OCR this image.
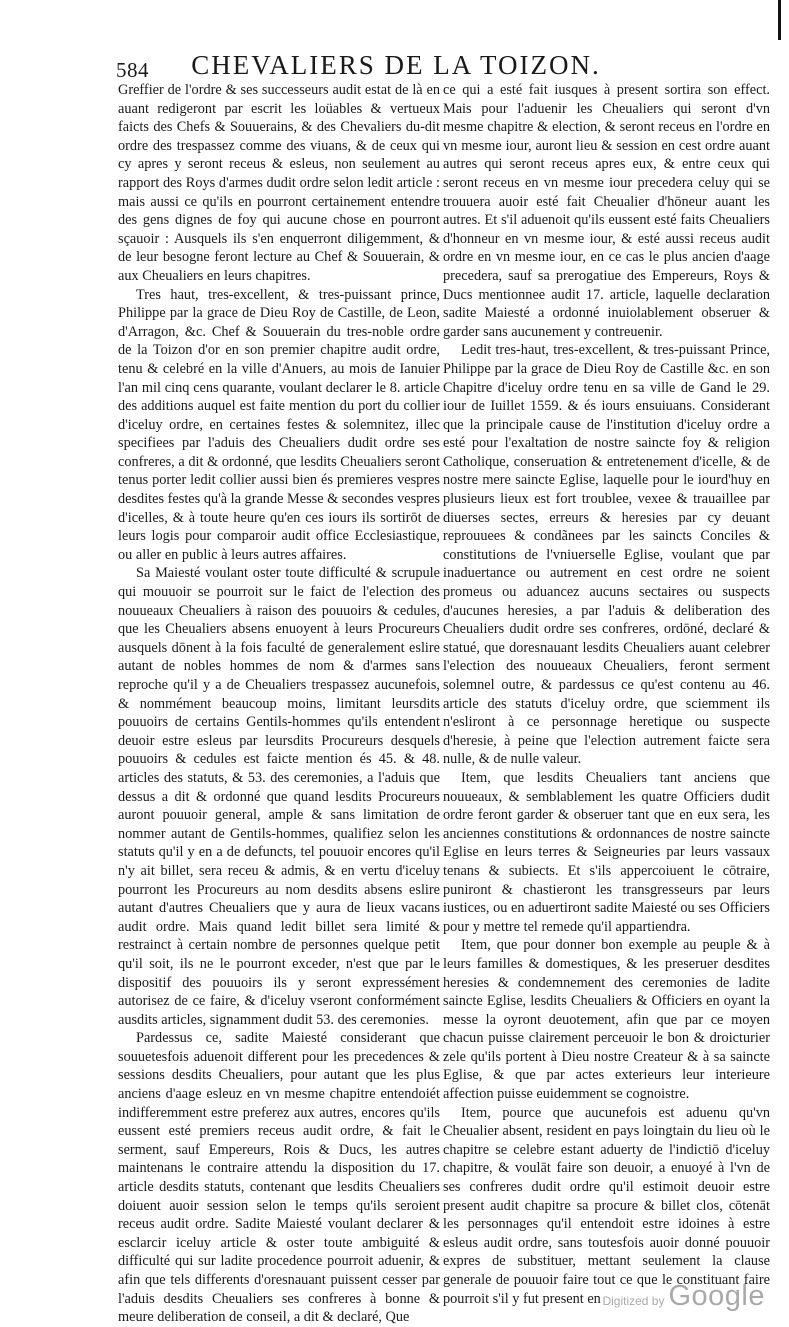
584 CHEVALIERS DE LA TOIZON.

Greffier de l'ordre & ses successeurs audit estat de là en auant redigeront par escrit les loüables & vertueux faicts des Chefs & Souuerains, & des Chevaliers du-dit ordre des trespassez comme des viuans, & de ceux qui cy apres y seront receus & esleus, non seulement au rapport des Roys d'armes dudit ordre selon ledit article : mais aussi ce qu'ils en pourront certainement entendre des gens dignes de foy qui aucune chose en pourront sçauoir : Ausquels ils s'en enquerront diligemment, & de leur besogne feront lecture au Chef & Souuerain, & aux Cheualiers en leurs chapitres.

Tres haut, tres-excellent, & tres-puissant prince, Philippe par la grace de Dieu Roy de Castille, de Leon, d'Arragon, &c. Chef & Souuerain du tres-noble ordre de la Toizon d'or en son premier chapitre audit ordre, tenu & celebré en la ville d'Anuers, au mois de Ianuier l'an mil cinq cens quarante, voulant declarer le 8. article des additions auquel est faite mention du port du collier d'iceluy ordre, en certaines festes & solemnitez, illec specifiees par l'aduis des Cheualiers dudit ordre ses confreres, a dit & ordonné, que lesdits Cheualiers seront tenus porter ledit collier aussi bien és premieres vespres desdites festes qu'à la grande Messe & secondes vespres d'icelles, & à toute heure qu'en ces iours ils sortirōt de leurs logis pour comparoir audit office Ecclesiastique, ou aller en public à leurs autres affaires.

Sa Maiesté voulant oster toute difficulté & scrupule qui mouuoir se pourroit sur le faict de l'election des nouueaux Cheualiers à raison des pouuoirs & cedules, que les Cheualiers absens enuoyent à leurs Procureurs ausquels dōnent à la fois faculté de generalement eslire autant de nobles hommes de nom & d'armes sans reproche qu'il y a de Cheualiers trespassez aucunefois, & nommément beaucoup moins, limitant leursdits pouuoirs de certains Gentils-hommes qu'ils entendent deuoir estre esleus par leursdits Procureurs desquels pouuoirs & cedules est faicte mention és 45. & 48. articles des statuts, & 53. des ceremonies, a l'aduis que dessus a dit & ordonné que quand lesdits Procureurs auront pouuoir general, ample & sans limitation de nommer autant de Gentils-hommes, qualifiez selon les statuts qu'il y en a de defuncts, tel pouuoir encores qu'il n'y ait billet, sera receu & admis, & en vertu d'iceluy pourront les Procureurs au nom desdits absens eslire autant d'autres Cheualiers que y aura de lieux vacans audit ordre. Mais quand ledit billet sera limité & restrainct à certain nombre de personnes quelque petit qu'il soit, ils ne le pourront exceder, n'est que par le dispositif des pouuoirs ils y seront expressément autorisez de ce faire, & d'iceluy vseront conformément ausdits articles, signamment dudit 53. des ceremonies.

Pardessus ce, sadite Maiesté considerant que souuetesfois aduenoit different pour les precedences & sessions desdits Cheualiers, pour autant que les plus anciens d'aage esleuz en vn mesme chapitre entendoiét indifferemment estre preferez aux autres, encores qu'ils eussent esté premiers receus audit ordre, & fait le serment, sauf Empereurs, Rois & Ducs, les autres maintenans le contraire attendu la disposition du 17. article desdits statuts, contenant que lesdits Cheualiers doiuent auoir session selon le temps qu'ils seroient receus audit ordre. Sadite Maiesté voulant declarer & esclarcir iceluy article & oster toute ambiguité & difficulté qui sur ladite procedence pourroit aduenir, & afin que tels differents d'oresnauant puissent cesser par l'aduis desdits Cheualiers ses confreres à bonne & meure deliberation de conseil, a dit & declaré, Que

ce qui a esté fait iusques à present sortira son effect. Mais pour l'aduenir les Cheualiers qui seront d'vn mesme chapitre & election, & seront receus en l'ordre en vn mesme iour, auront lieu & session en cest ordre auant autres qui seront receus apres eux, & entre ceux qui seront receus en vn mesme iour precedera celuy qui se trouuera auoir esté fait Cheualier d'hōneur auant les autres. Et s'il aduenoit qu'ils eussent esté faits Cheualiers d'honneur en vn mesme iour, & esté aussi receus audit ordre en vn mesme iour, en ce cas le plus ancien d'aage precedera, sauf sa prerogatiue des Empereurs, Roys & Ducs mentionnee audit 17. article, laquelle declaration sadite Maiesté a ordonné inuiolablement obseruer & garder sans aucunement y contreuenir.

Ledit tres-haut, tres-excellent, & tres-puissant Prince, Philippe par la grace de Dieu Roy de Castille &c. en son Chapitre d'iceluy ordre tenu en sa ville de Gand le 29. iour de Iuillet 1559. & és iours ensuiuans. Considerant que la principale cause de l'institution d'iceluy ordre a esté pour l'exaltation de nostre saincte foy & religion Catholique, conseruation & entretenement d'icelle, & de nostre mere saincte Eglise, laquelle pour le iourd'huy en plusieurs lieux est fort troublee, vexee & trauaillee par diuerses sectes, erreurs & heresies par cy deuant reprouuees & condãnees par les saincts Conciles & constitutions de l'vniuerselle Eglise, voulant que par inaduertance ou autrement en cest ordre ne soient promeus ou aduancez aucuns sectaires ou suspects d'aucunes heresies, a par l'aduis & deliberation des Cheualiers dudit ordre ses confreres, ordōné, declaré & statué, que doresnauant lesdits Cheualiers auant celebrer l'election des nouueaux Cheualiers, feront serment solemnel outre, & pardessus ce qu'est contenu au 46. article des statuts d'iceluy ordre, que sciemment ils n'esliront à ce personnage heretique ou suspecte d'heresie, à peine que l'election autrement faicte sera nulle, & de nulle valeur.

Item, que lesdits Cheualiers tant anciens que nouueaux, & semblablement les quatre Officiers dudit ordre feront garder & obseruer tant que en eux sera, les anciennes constitutions & ordonnances de nostre saincte Eglise en leurs terres & Seigneuries par leurs vassaux tenans & subiects. Et s'ils appercoiuent le cōtraire, puniront & chastieront les transgresseurs par leurs iustices, ou en aduertiront sadite Maiesté ou ses Officiers pour y mettre tel remede qu'il appartiendra.

Item, que pour donner bon exemple au peuple & à leurs familles & domestiques, & les preseruer desdites heresies & condemnement des ceremonies de ladite saincte Eglise, lesdits Cheualiers & Officiers en oyant la messe la oyront deuotement, afin que par ce moyen chacun puisse clairement perceuoir le bon & droicturier zele qu'ils portent à Dieu nostre Createur & à sa saincte Eglise, & que par actes exterieurs leur interieure affection puisse euidemment se cognoistre.

Item, pource que aucunefois est aduenu qu'vn Cheualier absent, resident en pays loingtain du lieu où le chapitre se celebre estant aduerty de l'indictiō d'iceluy chapitre, & voulāt faire son deuoir, a enuoyé à l'vn de ses confreres dudit ordre qu'il estimoit deuoir estre present audit chapitre sa procure & billet clos, cōtenāt les personnages qu'il entendoit estre idoines à estre esleus audit ordre, sans toutesfois auoir donné pouuoir expres de substituer, mettant seulement la clause generale de pouuoir faire tout ce que le constituant faire pourroit s'il y fut present en Digitized by Google
